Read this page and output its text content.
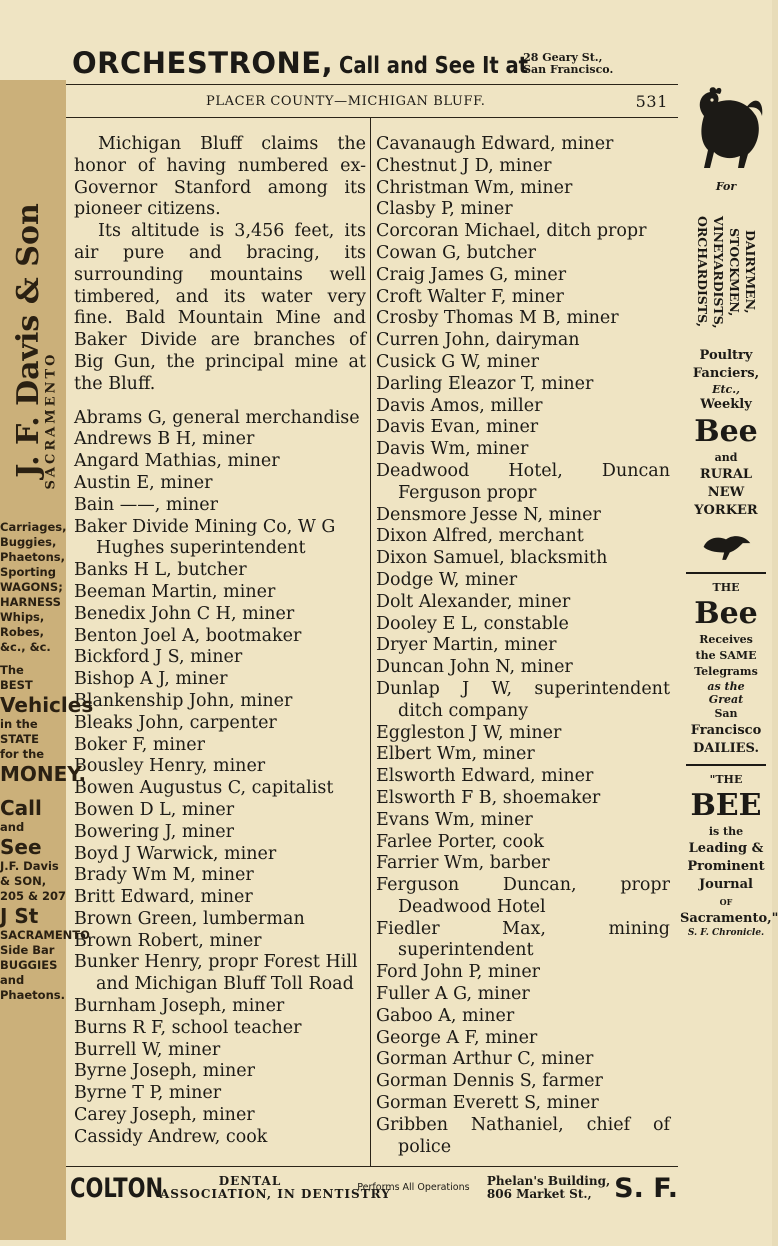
ORCHESTRONE, Call and See It at
28 Geary St.,
San Francisco.
PLACER COUNTY—MICHIGAN BLUFF.	531

Michigan Bluff claims the honor of having numbered ex-Governor Stanford among its pioneer citizens.

Its altitude is 3,456 feet, its air pure and bracing, its surrounding mountains well timbered, and its water very fine. Bald Mountain Mine and Baker Divide are branches of Big Gun, the principal mine at the Bluff.

Abrams G, general merchandise
Andrews B H, miner
Angard Mathias, miner
Austin E, miner
Bain ——, miner
Baker Divide Mining Co, W G Hughes superintendent
Banks H L, butcher
Beeman Martin, miner
Benedix John C H, miner
Benton Joel A, bootmaker
Bickford J S, miner
Bishop A J, miner
Blankenship John, miner
Bleaks John, carpenter
Boker F, miner
Bousley Henry, miner
Bowen Augustus C, capitalist
Bowen D L, miner
Bowering J, miner
Boyd J Warwick, miner
Brady Wm M, miner
Britt Edward, miner
Brown Green, lumberman
Brown Robert, miner
Bunker Henry, propr Forest Hill and Michigan Bluff Toll Road
Burnham Joseph, miner
Burns R F, school teacher
Burrell W, miner
Byrne Joseph, miner
Byrne T P, miner
Carey Joseph, miner
Cassidy Andrew, cook
Cavanaugh Edward, miner
Chestnut J D, miner
Christman Wm, miner
Clasby P, miner
Corcoran Michael, ditch propr
Cowan G, butcher
Craig James G, miner
Croft Walter F, miner
Crosby Thomas M B, miner
Curren John, dairyman
Cusick G W, miner
Darling Eleazor T, miner
Davis Amos, miller
Davis Evan, miner
Davis Wm, miner
Deadwood Hotel, Duncan Ferguson propr
Densmore Jesse N, miner
Dixon Alfred, merchant
Dixon Samuel, blacksmith
Dodge W, miner
Dolt Alexander, miner
Dooley E L, constable
Dryer Martin, miner
Duncan John N, miner
Dunlap J W, superintendent ditch company
Eggleston J W, miner
Elbert Wm, miner
Elsworth Edward, miner
Elsworth F B, shoemaker
Evans Wm, miner
Farlee Porter, cook
Farrier Wm, barber
Ferguson Duncan, propr Deadwood Hotel
Fiedler Max, mining superintendent
Ford John P, miner
Fuller A G, miner
Gaboo A, miner
George A F, miner
Gorman Arthur C, miner
Gorman Dennis S, farmer
Gorman Everett S, miner
Gribben Nathaniel, chief of police
COLTON	DENTAL
ASSOCIATION, IN DENTISTRY
Performs All Operations	Phelan's Building,
806 Market St., S. F.
J. F. Davis & Son
SACRAMENTO
Carriages,
Buggies,
Phaetons,
Sporting
WAGONS;
HARNESS
Whips,
Robes,
&c., &c.
The
BEST
Vehicles
in the
STATE
for the
MONEY.
Call
and
See
J.F. Davis
& SON,
205 & 207
J St
SACRAMENTO
Side Bar
BUGGIES
and
Phaetons.
For
ORCHARDISTS, VINEYARDISTS, STOCKMEN, DAIRYMEN,
Poultry
Fanciers,
Etc.,
Weekly
Bee
and
RURAL
NEW
YORKER
THE
Bee
Receives
the SAME
Telegrams
as the
Great
San
Francisco
DAILIES.
"THE
BEE
is the
Leading &
Prominent
Journal
OF
Sacramento,"
S. F. Chronicle.
